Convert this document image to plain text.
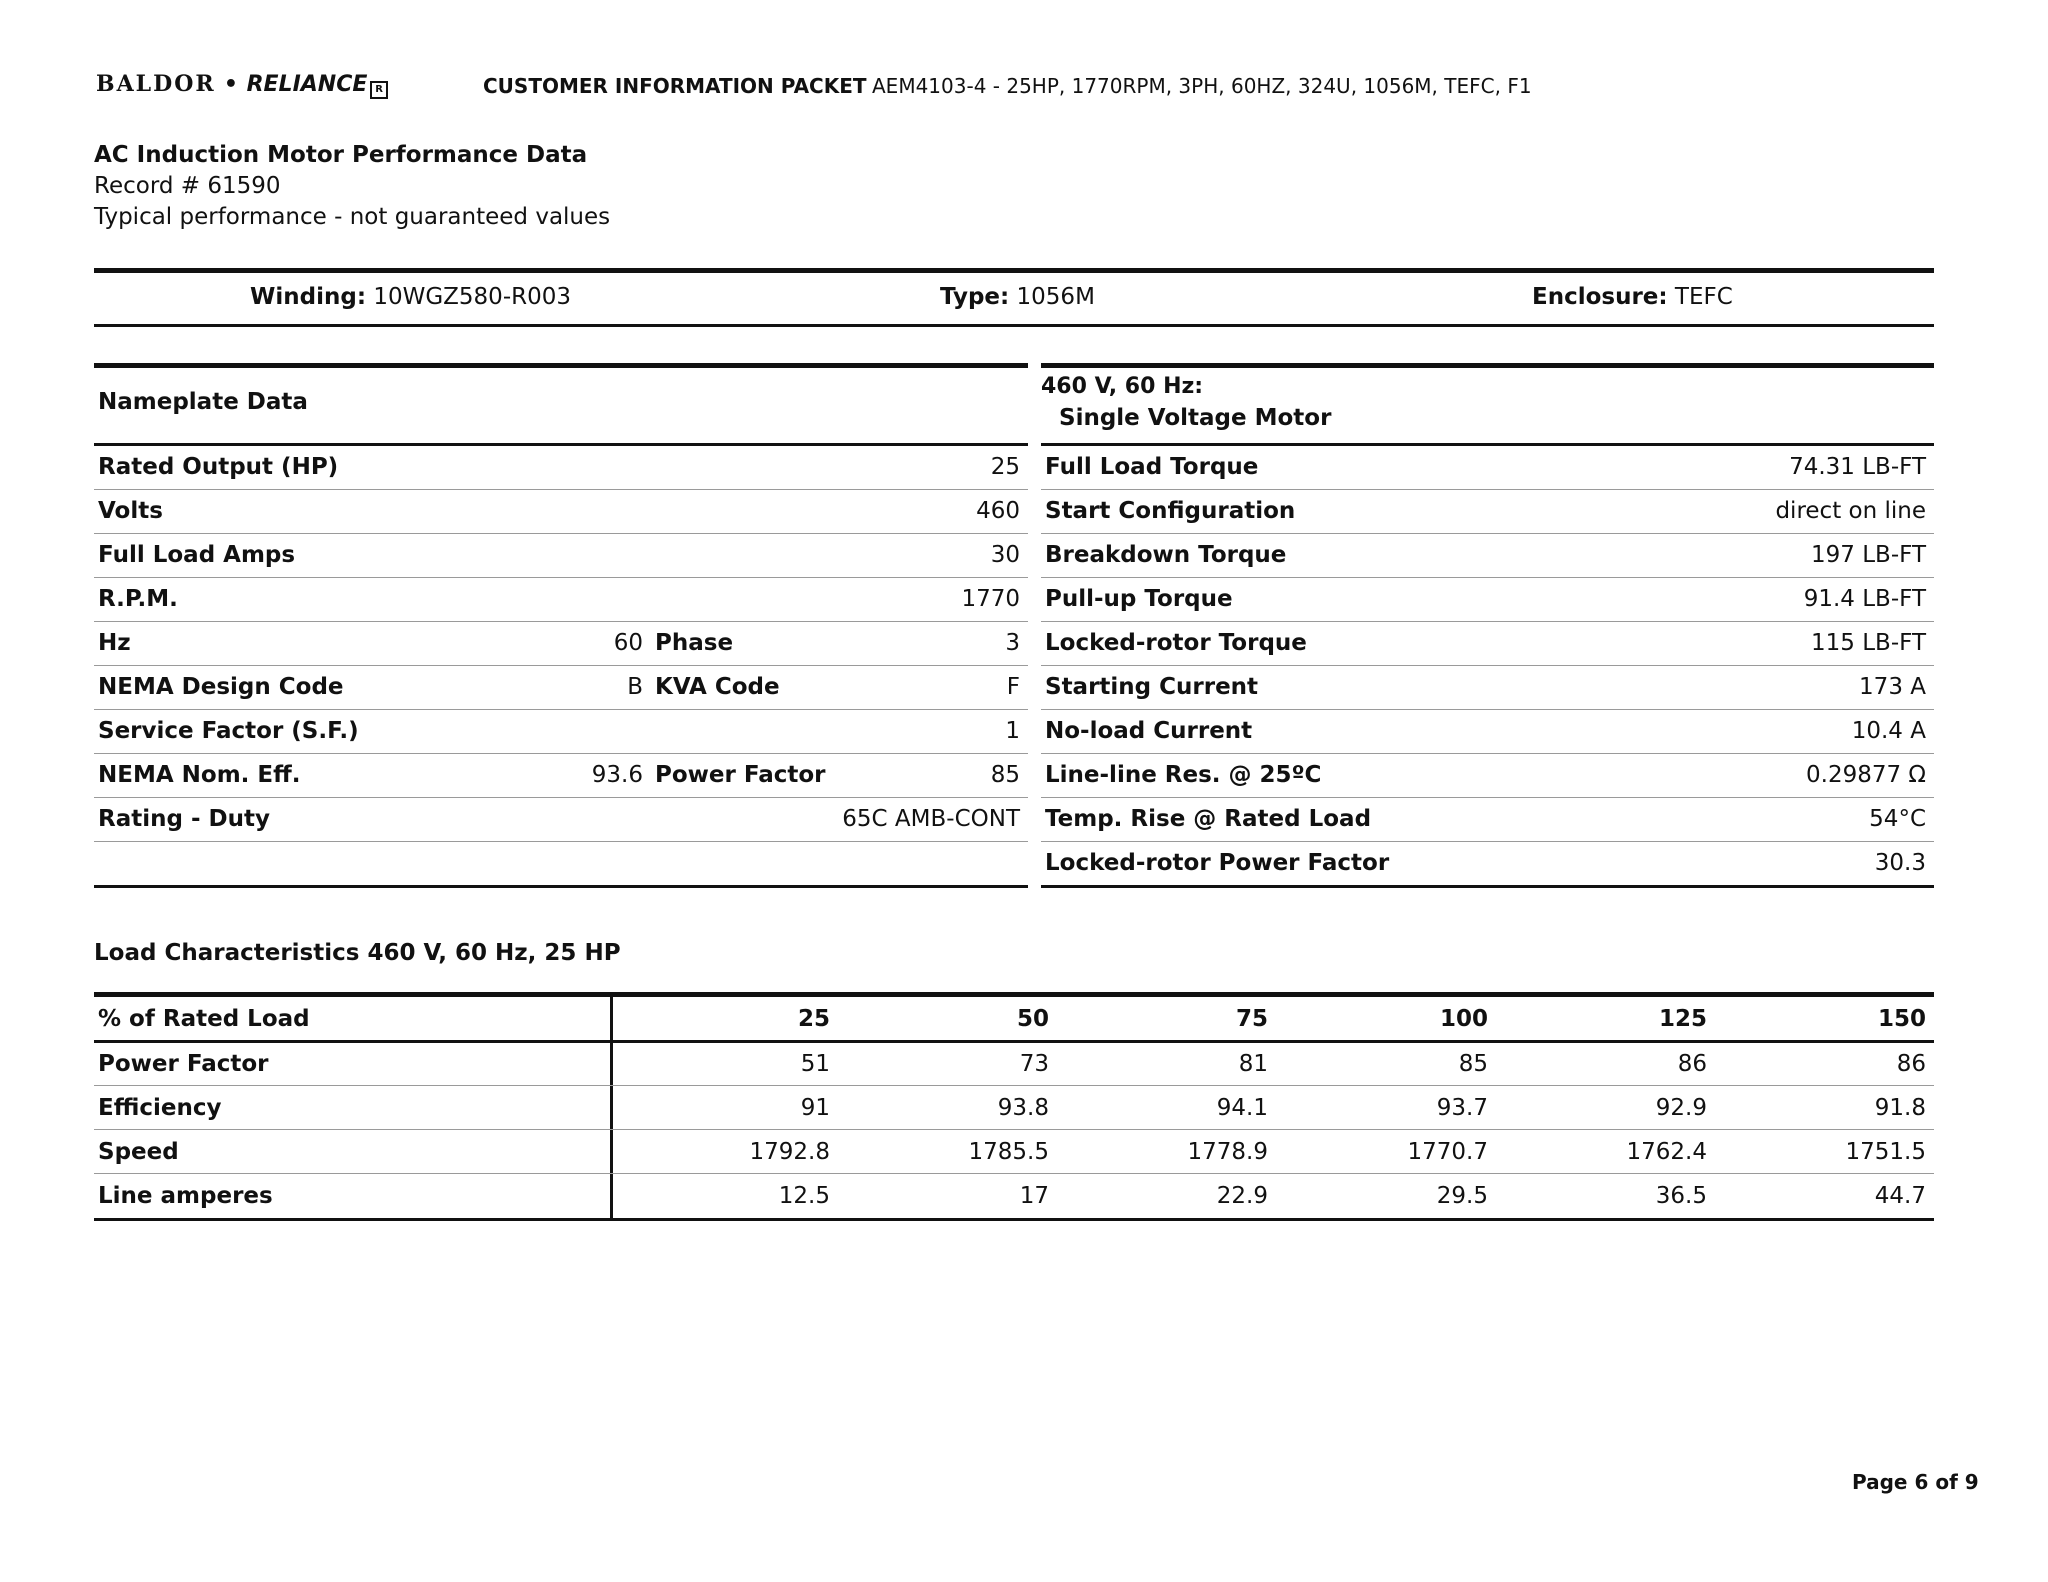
BALDOR • RELIANCE R	CUSTOMER INFORMATION PACKET AEM4103-4 - 25HP, 1770RPM, 3PH, 60HZ, 324U, 1056M, TEFC, F1
AC Induction Motor Performance Data
Record # 61590
Typical performance - not guaranteed values
Winding: 10WGZ580-R003	Type: 1056M	Enclosure: TEFC
Nameplate Data
Rated Output (HP)	25
Volts	460
Full Load Amps	30
R.P.M.	1770
Hz	60 Phase	3
NEMA Design Code	B KVA Code	F
Service Factor (S.F.)	1
NEMA Nom. Eff.	93.6 Power Factor	85
Rating - Duty	65C AMB-CONT
460 V, 60 Hz:
Single Voltage Motor
Full Load Torque	74.31 LB-FT
Start Configuration	direct on line
Breakdown Torque	197 LB-FT
Pull-up Torque	91.4 LB-FT
Locked-rotor Torque	115 LB-FT
Starting Current	173 A
No-load Current	10.4 A
Line-line Res. @ 25ºC	0.29877 Ω
Temp. Rise @ Rated Load	54°C
Locked-rotor Power Factor	30.3
Load Characteristics 460 V, 60 Hz, 25 HP
% of Rated Load	25	50	75	100	125	150
Power Factor	51	73	81	85	86	86
Efficiency	91	93.8	94.1	93.7	92.9	91.8
Speed	1792.8	1785.5	1778.9	1770.7	1762.4	1751.5
Line amperes	12.5	17	22.9	29.5	36.5	44.7
Page 6 of 9
